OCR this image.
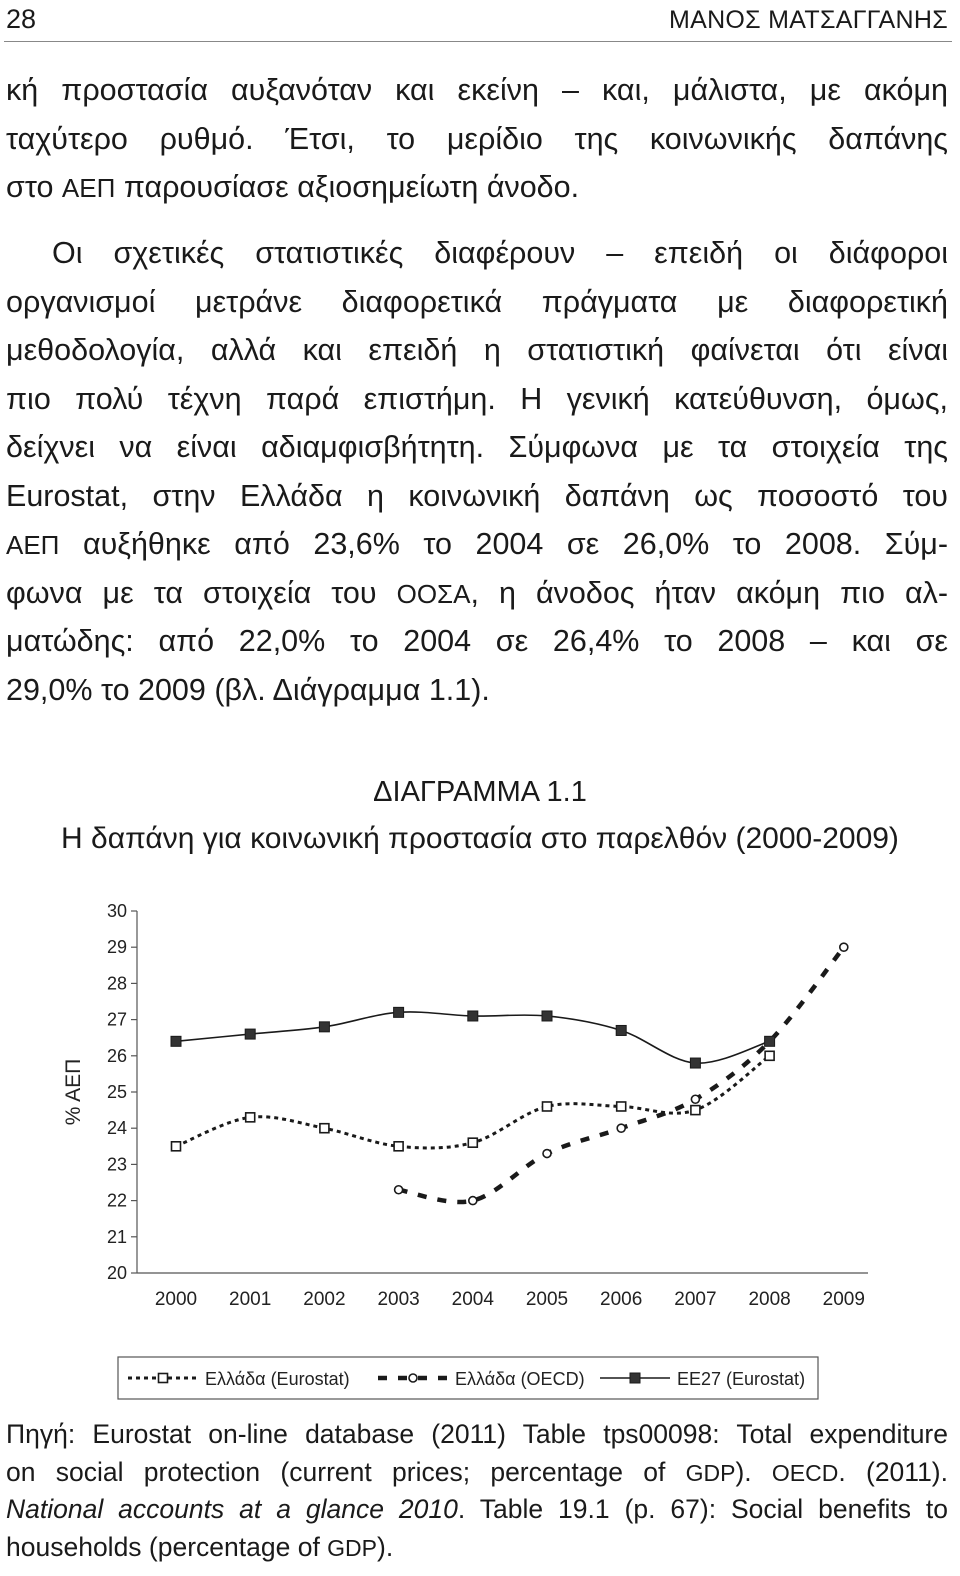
28	ΜΑΝΟΣ ΜΑΤΣΑΓΓΑΝΗΣ
κή προστασία αυξανόταν και εκείνη – και, μάλιστα, με ακόμη
ταχύτερο ρυθμό. Έτσι, το μερίδιο της κοινωνικής δαπάνης
στο ΑΕΠ παρουσίασε αξιοσημείωτη άνοδο.
Οι σχετικές στατιστικές διαφέρουν – επειδή οι διάφοροι
οργανισμοί μετράνε διαφορετικά πράγματα με διαφορετική
μεθοδολογία, αλλά και επειδή η στατιστική φαίνεται ότι είναι
πιο πολύ τέχνη παρά επιστήμη. Η γενική κατεύθυνση, όμως,
δείχνει να είναι αδιαμφισβήτητη. Σύμφωνα με τα στοιχεία της
Eurostat, στην Ελλάδα η κοινωνική δαπάνη ως ποσοστό του
ΑΕΠ αυξήθηκε από 23,6% το 2004 σε 26,0% το 2008. Σύμ-
φωνα με τα στοιχεία του ΟΟΣΑ, η άνοδος ήταν ακόμη πιο αλ-
ματώδης: από 22,0% το 2004 σε 26,4% το 2008 – και σε
29,0% το 2009 (βλ. Διάγραμμα 1.1).
ΔΙΑΓΡΑΜΜΑ 1.1
Η δαπάνη για κοινωνική προστασία στο παρελθόν (2000-2009)
20
21
22
23
24
25
26
27
28
29
30
2000 2001 2002 2003 2004 2005 2006 2007 2008 2009
% ΑΕΠ
Ελλάδα (Eurostat)	Ελλάδα (OECD)	ΕΕ27 (Eurostat)
Πηγή: Eurostat on-line database (2011) Table tps00098: Total expenditure
on social protection (current prices; percentage of GDP). OECD. (2011).
National accounts at a glance 2010. Table 19.1 (p. 67): Social benefits to
households (percentage of GDP).
